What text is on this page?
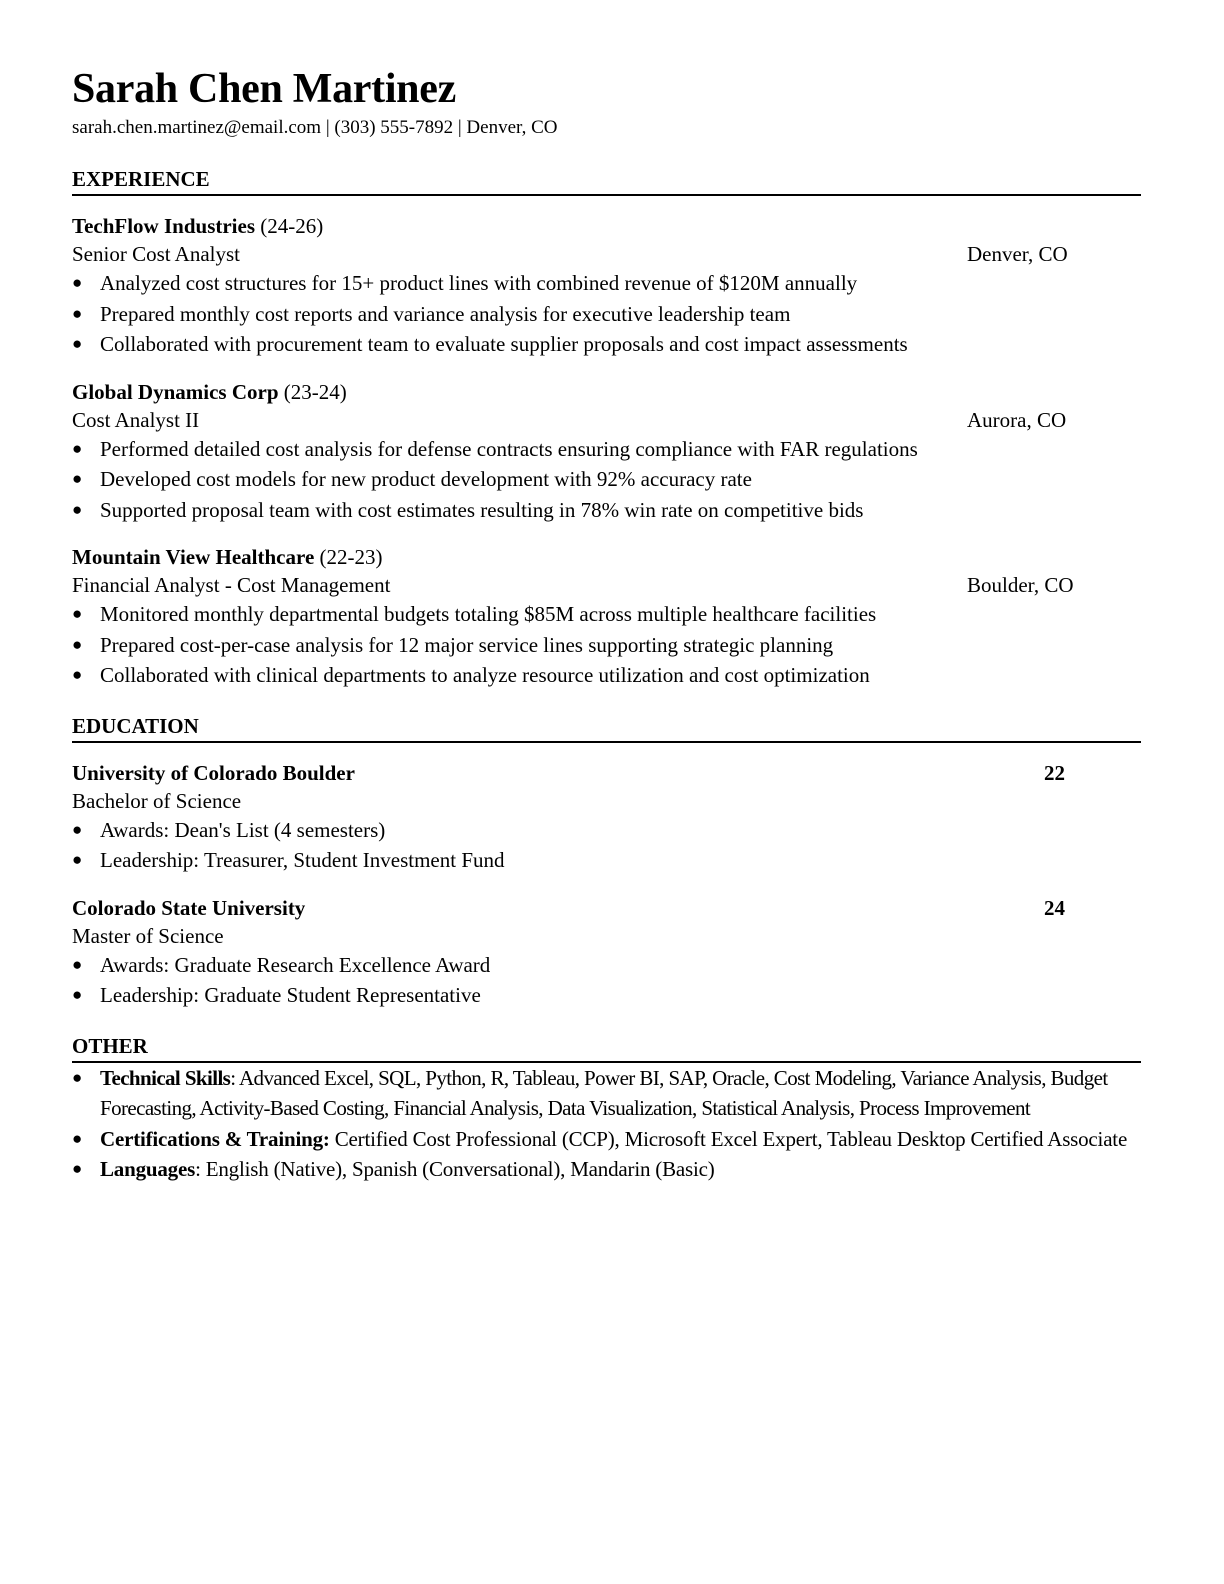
Sarah Chen Martinez
sarah.chen.martinez@email.com | (303) 555-7892 | Denver, CO
EXPERIENCE
TechFlow Industries (24-26)
Senior Cost Analyst	Denver, CO
● Analyzed cost structures for 15+ product lines with combined revenue of $120M annually
● Prepared monthly cost reports and variance analysis for executive leadership team
● Collaborated with procurement team to evaluate supplier proposals and cost impact assessments
Global Dynamics Corp (23-24)
Cost Analyst II	Aurora, CO
● Performed detailed cost analysis for defense contracts ensuring compliance with FAR regulations
● Developed cost models for new product development with 92% accuracy rate
● Supported proposal team with cost estimates resulting in 78% win rate on competitive bids
Mountain View Healthcare (22-23)
Financial Analyst - Cost Management	Boulder, CO
● Monitored monthly departmental budgets totaling $85M across multiple healthcare facilities
● Prepared cost-per-case analysis for 12 major service lines supporting strategic planning
● Collaborated with clinical departments to analyze resource utilization and cost optimization
EDUCATION
University of Colorado Boulder	22
Bachelor of Science
● Awards: Dean's List (4 semesters)
● Leadership: Treasurer, Student Investment Fund
Colorado State University	24
Master of Science
● Awards: Graduate Research Excellence Award
● Leadership: Graduate Student Representative
OTHER
● Technical Skills: Advanced Excel, SQL, Python, R, Tableau, Power BI, SAP, Oracle, Cost Modeling, Variance Analysis, Budget Forecasting, Activity-Based Costing, Financial Analysis, Data Visualization, Statistical Analysis, Process Improvement
● Certifications & Training: Certified Cost Professional (CCP), Microsoft Excel Expert, Tableau Desktop Certified Associate
● Languages: English (Native), Spanish (Conversational), Mandarin (Basic)
